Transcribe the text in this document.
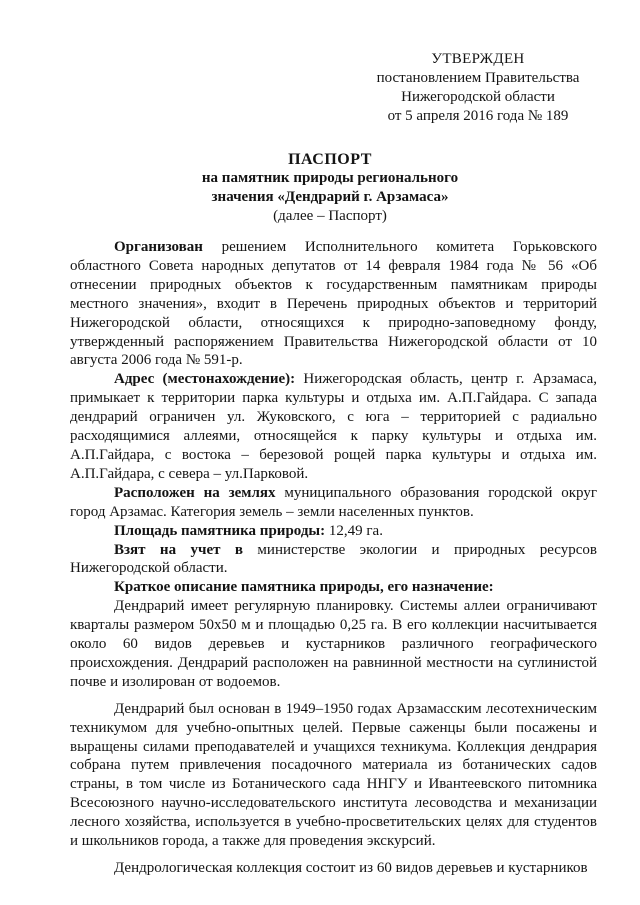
УТВЕРЖДЕН
постановлением Правительства
Нижегородской области
от 5 апреля 2016 года № 189
ПАСПОРТ
на памятник природы регионального
значения «Дендрарий г. Арзамаса»
(далее – Паспорт)

Организован решением Исполнительного комитета Горьковского областного Совета народных депутатов от 14 февраля 1984 года № 56 «Об отнесении природных объектов к государственным памятникам природы местного значения», входит в Перечень природных объектов и территорий Нижегородской области, относящихся к природно-заповедному фонду, утвержденный распоряжением Правительства Нижегородской области от 10 августа 2006 года № 591-р.

Адрес (местонахождение): Нижегородская область, центр г. Арзамаса, примыкает к территории парка культуры и отдыха им. А.П.Гайдара. С запада дендрарий ограничен ул. Жуковского, с юга – территорией с радиально расходящимися аллеями, относящейся к парку культуры и отдыха им. А.П.Гайдара, с востока – березовой рощей парка культуры и отдыха им. А.П.Гайдара, с севера – ул.Парковой.

Расположен на землях муниципального образования городской округ город Арзамас. Категория земель – земли населенных пунктов.

Площадь памятника природы: 12,49 га.

Взят на учет в министерстве экологии и природных ресурсов Нижегородской области.

Краткое описание памятника природы, его назначение:

Дендрарий имеет регулярную планировку. Системы аллеи ограничивают кварталы размером 50х50 м и площадью 0,25 га. В его коллекции насчитывается около 60 видов деревьев и кустарников различного географического происхождения. Дендрарий расположен на равнинной местности на суглинистой почве и изолирован от водоемов.

Дендрарий был основан в 1949–1950 годах Арзамасским лесотехническим техникумом для учебно-опытных целей. Первые саженцы были посажены и выращены силами преподавателей и учащихся техникума. Коллекция дендрария собрана путем привлечения посадочного материала из ботанических садов страны, в том числе из Ботанического сада ННГУ и Ивантеевского питомника Всесоюзного научно-исследовательского института лесоводства и механизации лесного хозяйства, используется в учебно-просветительских целях для студентов и школьников города, а также для проведения экскурсий.

Дендрологическая коллекция состоит из 60 видов деревьев и кустарников
